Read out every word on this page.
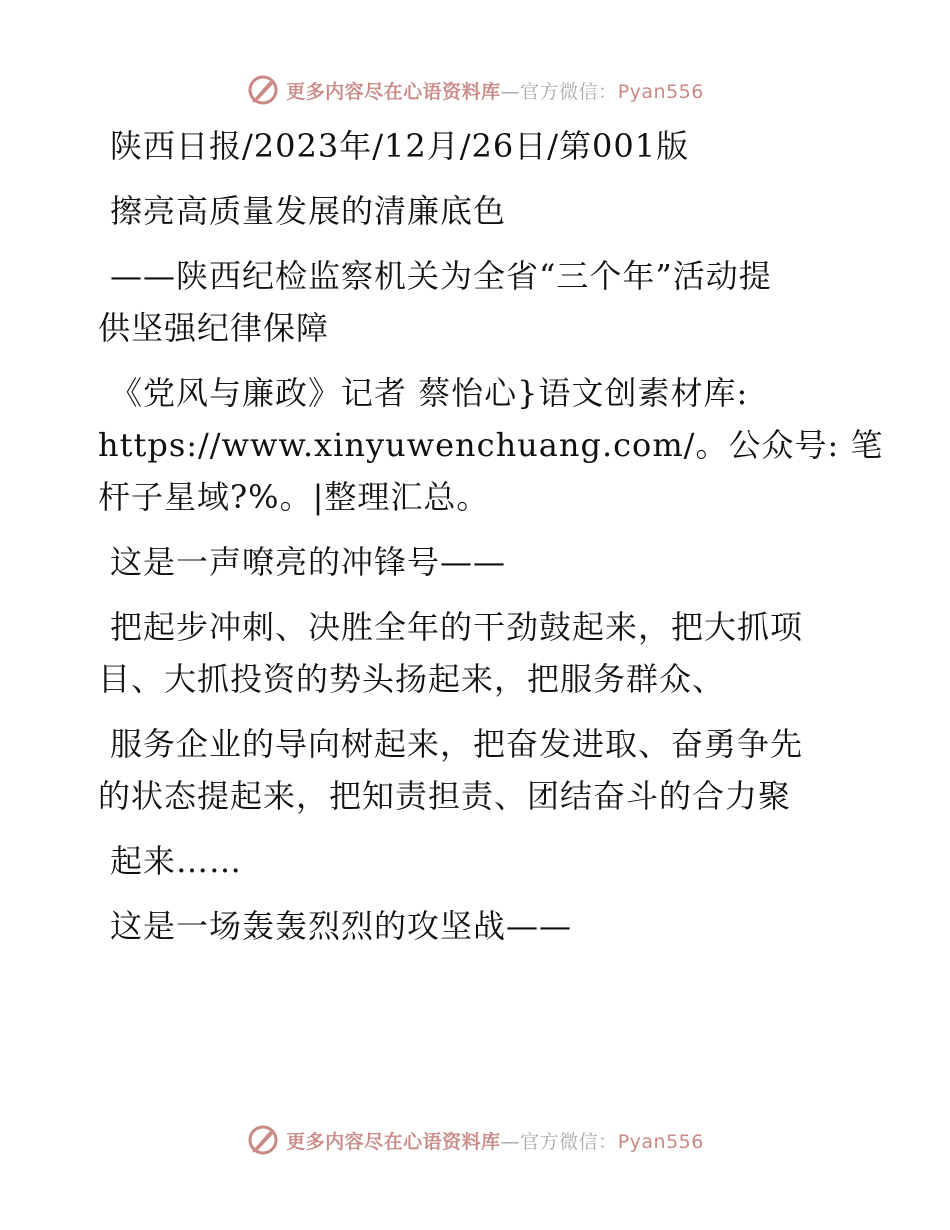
更多内容尽在心语资料库—官方微信：Pyan556
陕西日报/2023年/12月/26日/第001版
擦亮高质量发展的清廉底色
——陕西纪检监察机关为全省“三个年”活动提
供坚强纪律保障
《党风与廉政》记者 蔡怡心}语文创素材库:
https://www.xinyuwenchuang.com/。公众号: 笔
杆子星域?%。|整理汇总。
这是一声嘹亮的冲锋号——
把起步冲刺、决胜全年的干劲鼓起来，把大抓项
目、大抓投资的势头扬起来，把服务群众、
服务企业的导向树起来，把奋发进取、奋勇争先
的状态提起来，把知责担责、团结奋斗的合力聚
起来……
这是一场轰轰烈烈的攻坚战——
更多内容尽在心语资料库—官方微信：Pyan556
